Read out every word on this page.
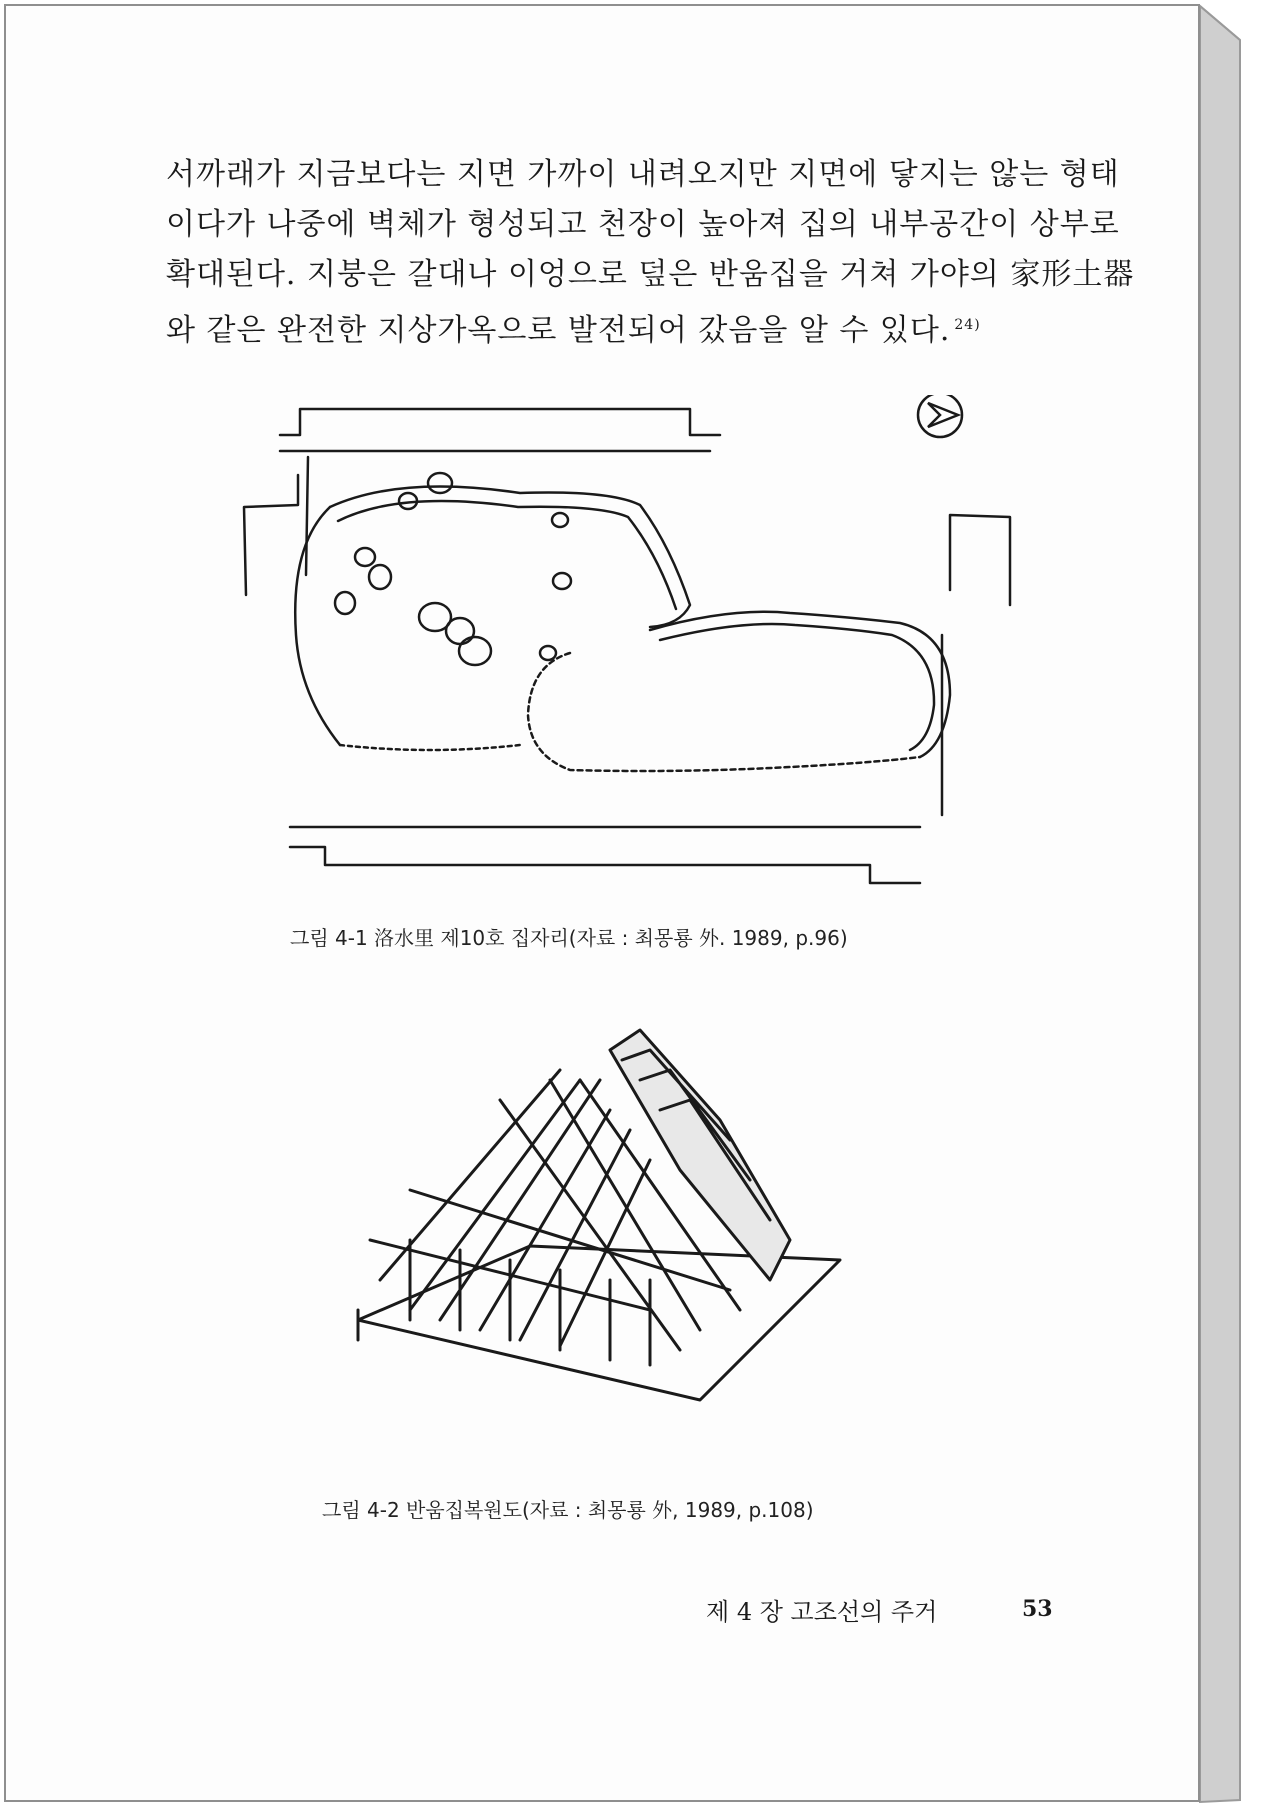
서까래가 지금보다는 지면 가까이 내려오지만 지면에 닿지는 않는 형태
이다가 나중에 벽체가 형성되고 천장이 높아져 집의 내부공간이 상부로
확대된다. 지붕은 갈대나 이엉으로 덮은 반움집을 거쳐 가야의 家形土器
와 같은 완전한 지상가옥으로 발전되어 갔음을 알 수 있다. $^{24)}$
그림 4-1 洛水里 제10호 집자리(자료 : 최몽룡 外. 1989, p.96)
그림 4-2 반움집복원도(자료 : 최몽룡 外, 1989, p.108)
제 4 장 고조선의 주거	53
